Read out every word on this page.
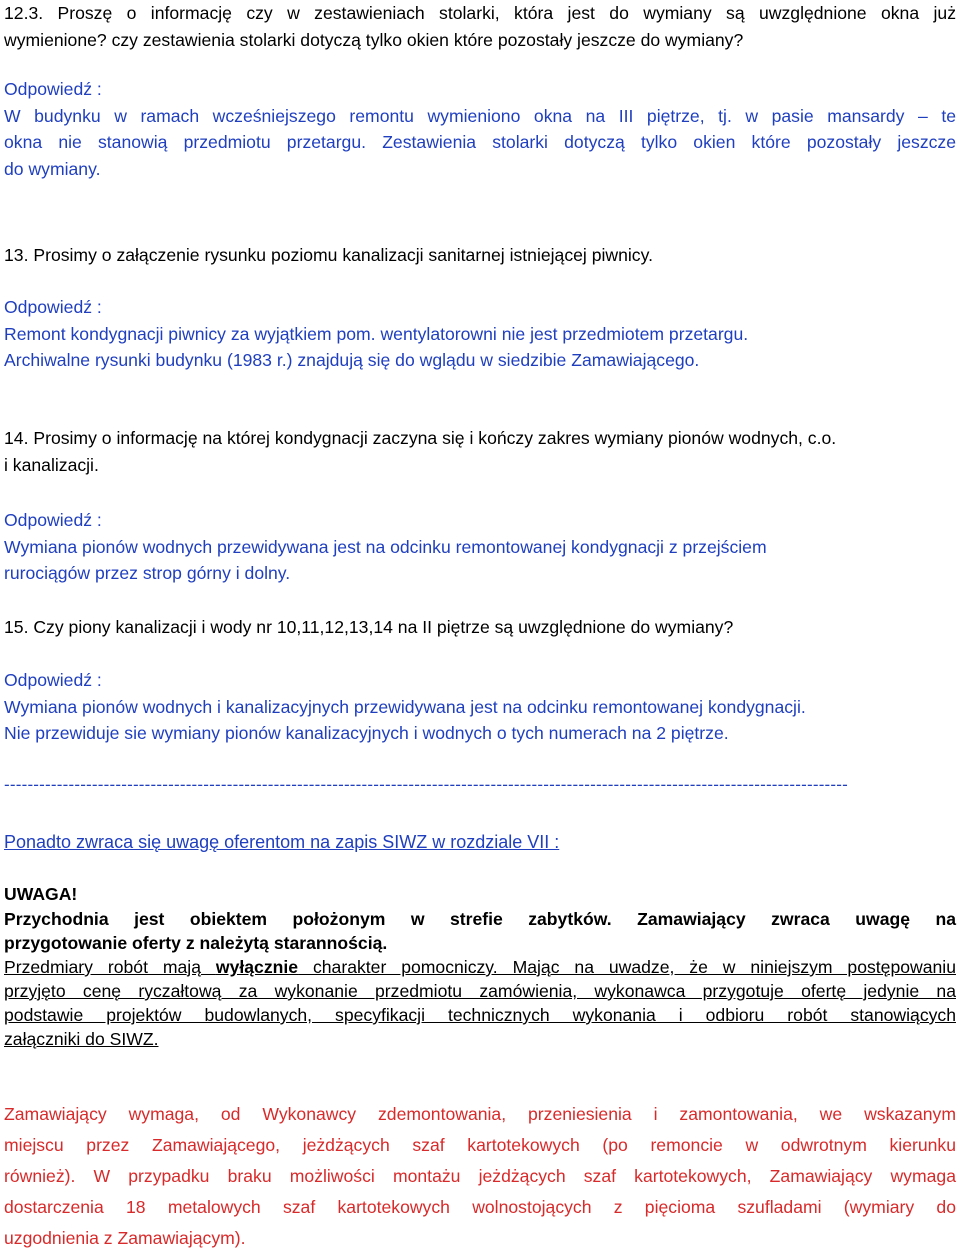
12.3. Proszę o informację czy w zestawieniach stolarki, która jest do wymiany są uwzględnione okna już
wymienione? czy zestawienia stolarki dotyczą tylko okien które pozostały jeszcze do wymiany?
Odpowiedź :
W budynku w ramach wcześniejszego remontu wymieniono okna na III piętrze, tj. w pasie mansardy – te
okna nie stanowią przedmiotu przetargu. Zestawienia stolarki dotyczą tylko okien które pozostały jeszcze
do wymiany.
13. Prosimy o załączenie rysunku poziomu kanalizacji sanitarnej istniejącej piwnicy.
Odpowiedź :
Remont kondygnacji piwnicy za wyjątkiem pom. wentylatorowni nie jest przedmiotem przetargu.
Archiwalne rysunki budynku (1983 r.) znajdują się do wglądu w siedzibie Zamawiającego.
14. Prosimy o informację na której kondygnacji zaczyna się i kończy zakres wymiany pionów wodnych, c.o.
i kanalizacji.
Odpowiedź :
Wymiana pionów wodnych przewidywana jest na odcinku remontowanej kondygnacji z przejściem
rurociągów przez strop górny i dolny.
15. Czy piony kanalizacji i wody nr 10,11,12,13,14 na II piętrze są uwzględnione do wymiany?
Odpowiedź :
Wymiana pionów wodnych i kanalizacyjnych przewidywana jest na odcinku remontowanej kondygnacji.
Nie przewiduje sie wymiany pionów kanalizacyjnych i wodnych o tych numerach na 2 piętrze.
------------------------------------------------------------------------------------------------------------------------------------------------
Ponadto zwraca się uwagę oferentom na zapis SIWZ w rozdziale VII :
UWAGA!
Przychodnia jest obiektem położonym w strefie zabytków. Zamawiający zwraca uwagę na
przygotowanie oferty z należytą starannością.
Przedmiary robót mają wyłącznie charakter pomocniczy. Mając na uwadze, że w niniejszym postępowaniu
przyjęto cenę ryczałtową za wykonanie przedmiotu zamówienia, wykonawca przygotuje ofertę jedynie na
podstawie projektów budowlanych, specyfikacji technicznych wykonania i odbioru robót stanowiących
załączniki do SIWZ.
Zamawiający wymaga, od Wykonawcy zdemontowania, przeniesienia i zamontowania, we wskazanym
miejscu przez Zamawiającego, jeżdżących szaf kartotekowych (po remoncie w odwrotnym kierunku
również). W przypadku braku możliwości montażu jeżdżących szaf kartotekowych, Zamawiający wymaga
dostarczenia 18 metalowych szaf kartotekowych wolnostojących z pięcioma szufladami (wymiary do
uzgodnienia z Zamawiającym).
